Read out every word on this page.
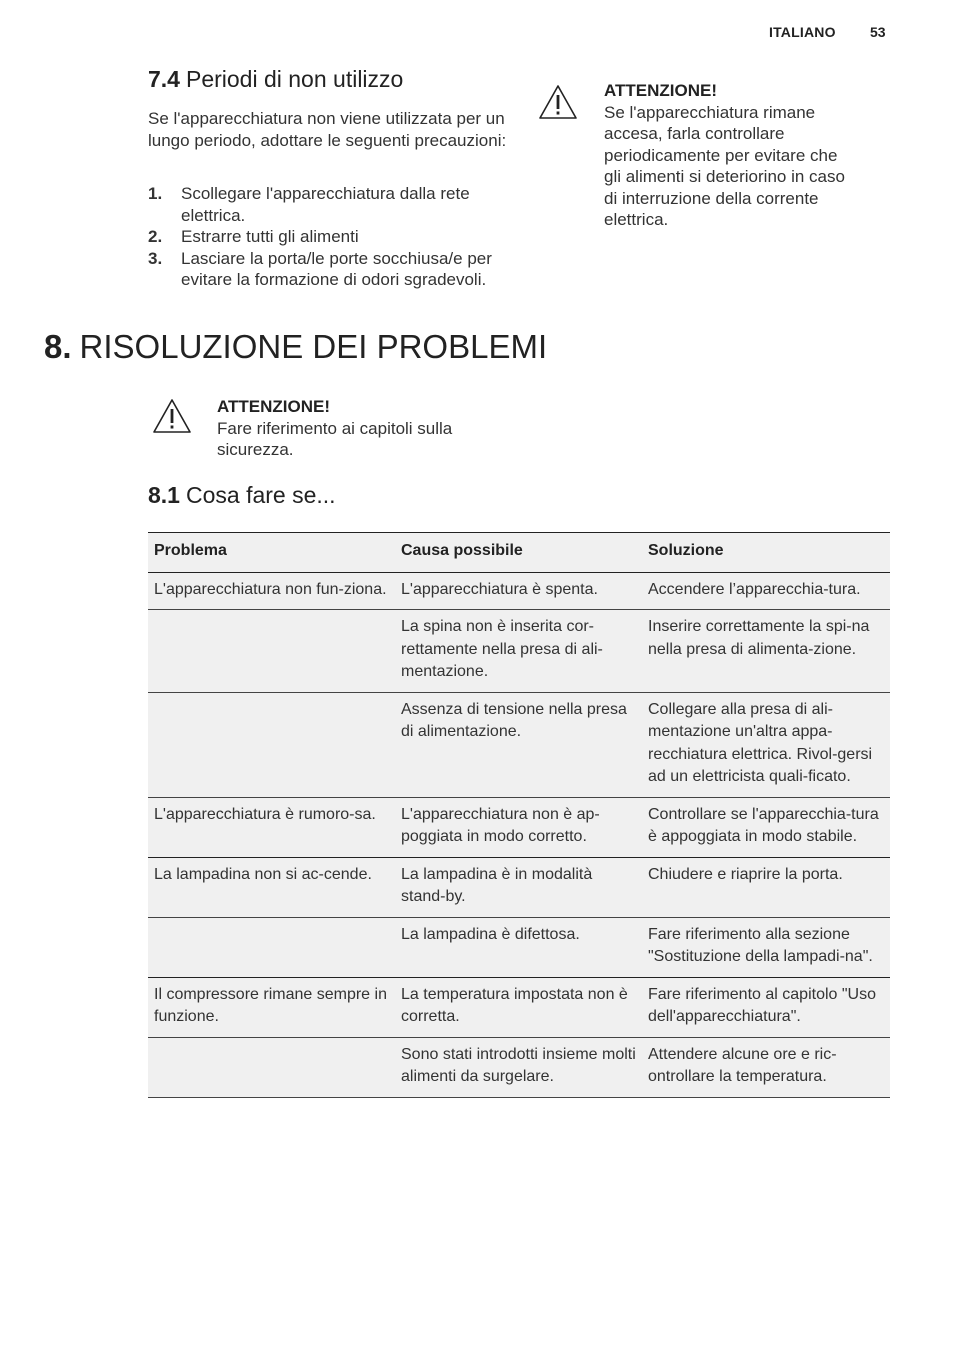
ITALIANO 53
7.4 Periodi di non utilizzo
Se l'apparecchiatura non viene utilizzata per un lungo periodo, adottare le seguenti precauzioni:
1.	Scollegare l'apparecchiatura dalla rete elettrica.
2.	Estrarre tutti gli alimenti
3.	Lasciare la porta/le porte socchiusa/e per evitare la formazione di odori sgradevoli.
ATTENZIONE!
Se l'apparecchiatura rimane accesa, farla controllare periodicamente per evitare che gli alimenti si deteriorino in caso di interruzione della corrente elettrica.
8. RISOLUZIONE DEI PROBLEMI
ATTENZIONE!
Fare riferimento ai capitoli sulla sicurezza.
8.1 Cosa fare se...
Problema	Causa possibile	Soluzione
L'apparecchiatura non fun-ziona.	L'apparecchiatura è spenta.	Accendere l’apparecchia-tura.
	La spina non è inserita cor-rettamente nella presa di ali-mentazione.	Inserire correttamente la spi-na nella presa di alimenta-zione.
	Assenza di tensione nella presa di alimentazione.	Collegare alla presa di ali-mentazione un'altra appa-recchiatura elettrica. Rivol-gersi ad un elettricista quali-ficato.
L'apparecchiatura è rumoro-sa.	L'apparecchiatura non è ap-poggiata in modo corretto.	Controllare se l'apparecchia-tura è appoggiata in modo stabile.
La lampadina non si ac-cende.	La lampadina è in modalità stand-by.	Chiudere e riaprire la porta.
	La lampadina è difettosa.	Fare riferimento alla sezione "Sostituzione della lampadi-na".
Il compressore rimane sempre in funzione.	La temperatura impostata non è corretta.	Fare riferimento al capitolo "Uso dell'apparecchiatura".
	Sono stati introdotti insieme molti alimenti da surgelare.	Attendere alcune ore e ric-ontrollare la temperatura.
